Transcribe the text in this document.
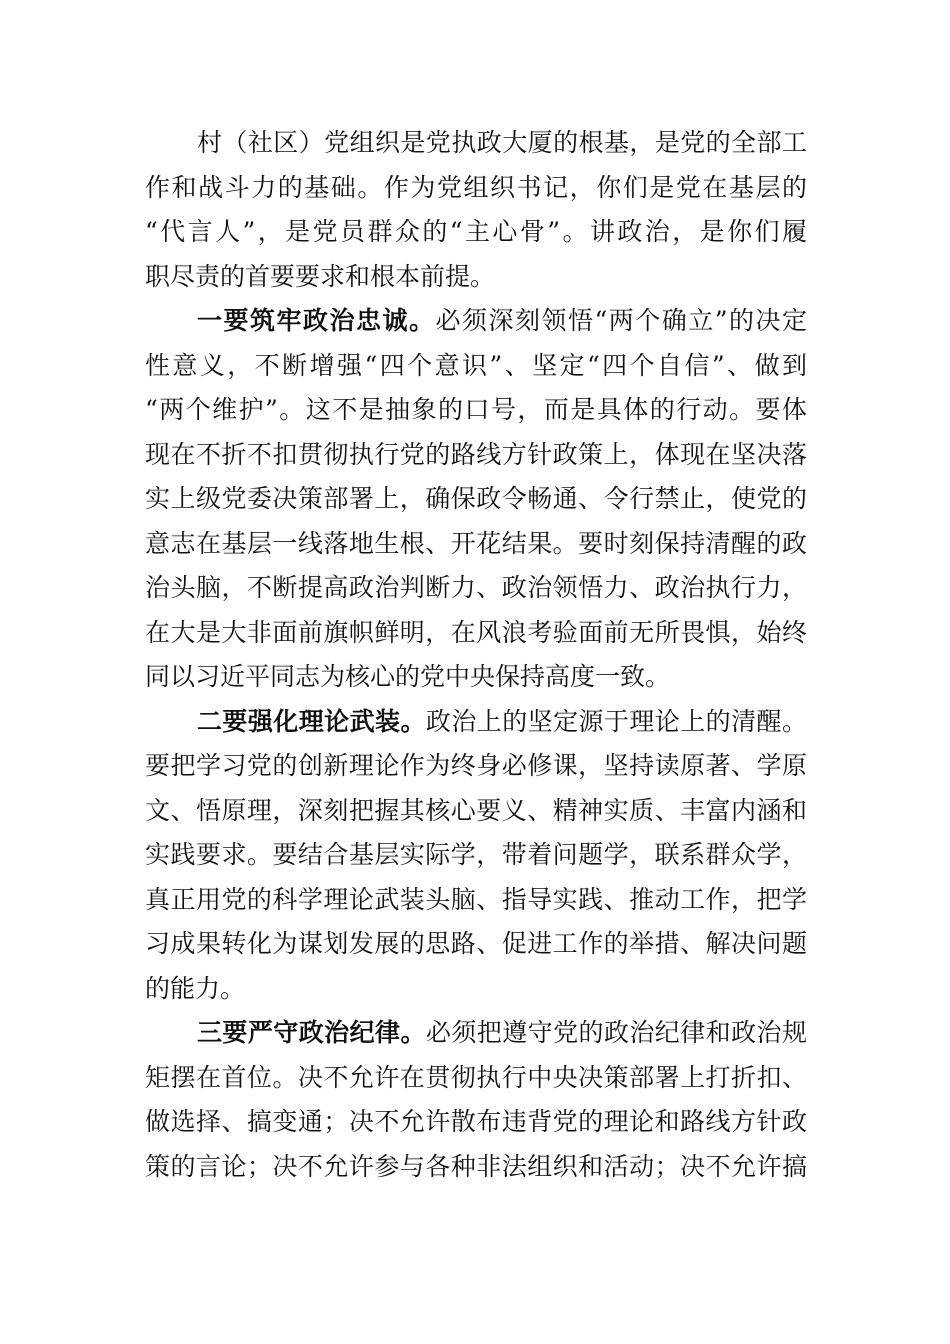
村（社区）党组织是党执政大厦的根基，是党的全部工
作和战斗力的基础。作为党组织书记，你们是党在基层的
“代言人”，是党员群众的“主心骨”。讲政治，是你们履
职尽责的首要要求和根本前提。
一要筑牢政治忠诚。必须深刻领悟“两个确立”的决定
性意义，不断增强“四个意识”、坚定“四个自信”、做到
“两个维护”。这不是抽象的口号，而是具体的行动。要体
现在不折不扣贯彻执行党的路线方针政策上，体现在坚决落
实上级党委决策部署上，确保政令畅通、令行禁止，使党的
意志在基层一线落地生根、开花结果。要时刻保持清醒的政
治头脑，不断提高政治判断力、政治领悟力、政治执行力，
在大是大非面前旗帜鲜明，在风浪考验面前无所畏惧，始终
同以习近平同志为核心的党中央保持高度一致。
二要强化理论武装。政治上的坚定源于理论上的清醒。
要把学习党的创新理论作为终身必修课，坚持读原著、学原
文、悟原理，深刻把握其核心要义、精神实质、丰富内涵和
实践要求。要结合基层实际学，带着问题学，联系群众学，
真正用党的科学理论武装头脑、指导实践、推动工作，把学
习成果转化为谋划发展的思路、促进工作的举措、解决问题
的能力。
三要严守政治纪律。必须把遵守党的政治纪律和政治规
矩摆在首位。决不允许在贯彻执行中央决策部署上打折扣、
做选择、搞变通；决不允许散布违背党的理论和路线方针政
策的言论；决不允许参与各种非法组织和活动；决不允许搞
